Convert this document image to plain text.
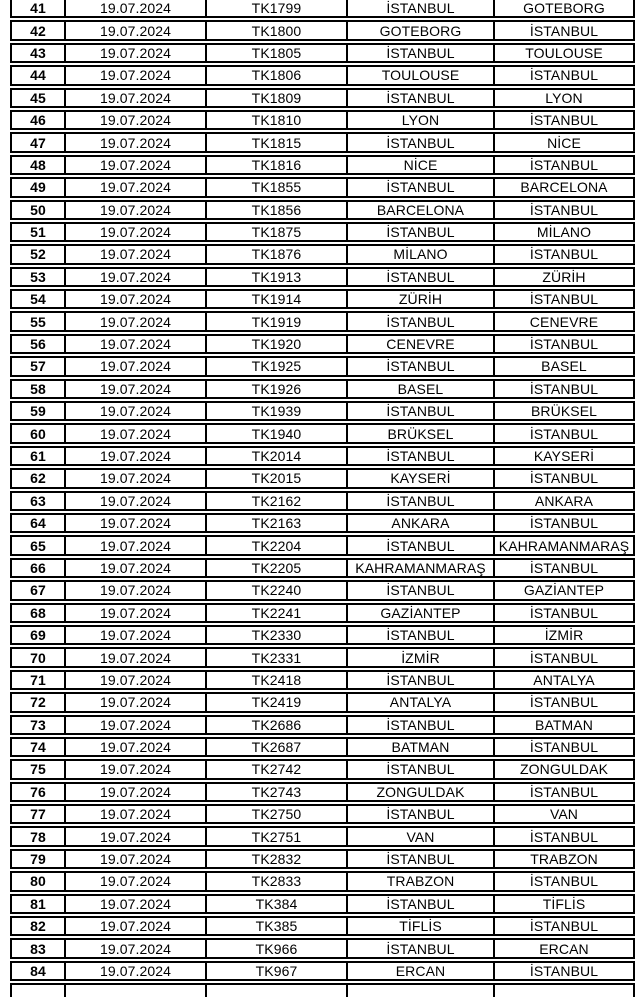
41	19.07.2024	TK1799	İSTANBUL	GOTEBORG
42	19.07.2024	TK1800	GOTEBORG	İSTANBUL
43	19.07.2024	TK1805	İSTANBUL	TOULOUSE
44	19.07.2024	TK1806	TOULOUSE	İSTANBUL
45	19.07.2024	TK1809	İSTANBUL	LYON
46	19.07.2024	TK1810	LYON	İSTANBUL
47	19.07.2024	TK1815	İSTANBUL	NİCE
48	19.07.2024	TK1816	NİCE	İSTANBUL
49	19.07.2024	TK1855	İSTANBUL	BARCELONA
50	19.07.2024	TK1856	BARCELONA	İSTANBUL
51	19.07.2024	TK1875	İSTANBUL	MİLANO
52	19.07.2024	TK1876	MİLANO	İSTANBUL
53	19.07.2024	TK1913	İSTANBUL	ZÜRİH
54	19.07.2024	TK1914	ZÜRİH	İSTANBUL
55	19.07.2024	TK1919	İSTANBUL	CENEVRE
56	19.07.2024	TK1920	CENEVRE	İSTANBUL
57	19.07.2024	TK1925	İSTANBUL	BASEL
58	19.07.2024	TK1926	BASEL	İSTANBUL
59	19.07.2024	TK1939	İSTANBUL	BRÜKSEL
60	19.07.2024	TK1940	BRÜKSEL	İSTANBUL
61	19.07.2024	TK2014	İSTANBUL	KAYSERİ
62	19.07.2024	TK2015	KAYSERİ	İSTANBUL
63	19.07.2024	TK2162	İSTANBUL	ANKARA
64	19.07.2024	TK2163	ANKARA	İSTANBUL
65	19.07.2024	TK2204	İSTANBUL	KAHRAMANMARAŞ
66	19.07.2024	TK2205	KAHRAMANMARAŞ	İSTANBUL
67	19.07.2024	TK2240	İSTANBUL	GAZİANTEP
68	19.07.2024	TK2241	GAZİANTEP	İSTANBUL
69	19.07.2024	TK2330	İSTANBUL	İZMİR
70	19.07.2024	TK2331	İZMİR	İSTANBUL
71	19.07.2024	TK2418	İSTANBUL	ANTALYA
72	19.07.2024	TK2419	ANTALYA	İSTANBUL
73	19.07.2024	TK2686	İSTANBUL	BATMAN
74	19.07.2024	TK2687	BATMAN	İSTANBUL
75	19.07.2024	TK2742	İSTANBUL	ZONGULDAK
76	19.07.2024	TK2743	ZONGULDAK	İSTANBUL
77	19.07.2024	TK2750	İSTANBUL	VAN
78	19.07.2024	TK2751	VAN	İSTANBUL
79	19.07.2024	TK2832	İSTANBUL	TRABZON
80	19.07.2024	TK2833	TRABZON	İSTANBUL
81	19.07.2024	TK384	İSTANBUL	TİFLİS
82	19.07.2024	TK385	TİFLİS	İSTANBUL
83	19.07.2024	TK966	İSTANBUL	ERCAN
84	19.07.2024	TK967	ERCAN	İSTANBUL
